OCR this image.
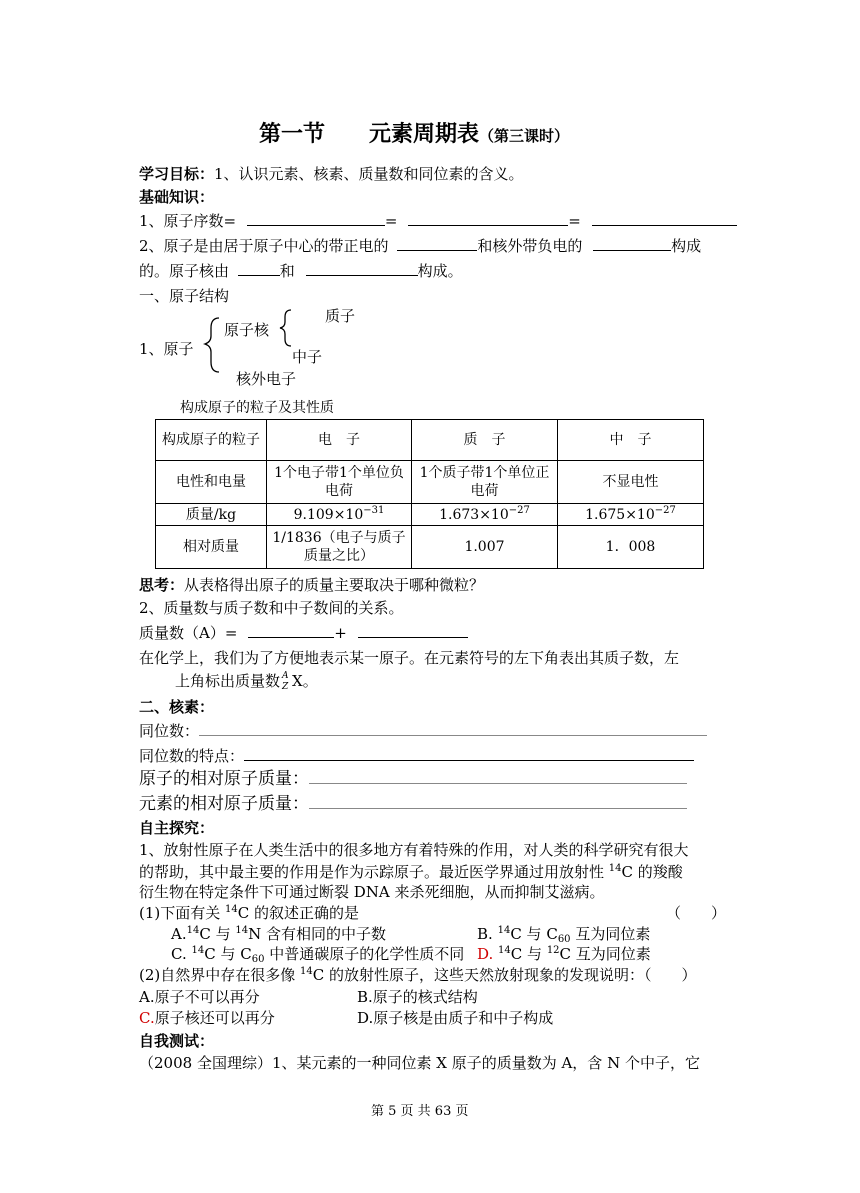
第一节　　元素周期表（第三课时）
学习目标：1、认识元素、核素、质量数和同位素的含义。
基础知识：
1、原子序数=	=	=
2、原子是由居于原子中心的带正电的	和核外带负电的	构成
的。原子核由	和	构成。
一、原子结构
质子
原子核
1、原子	中子
核外电子
构成原子的粒子及其性质
构成原子的粒子	电　子	质　子	中　子
电性和电量	1个电子带1个单位负电荷	1个质子带1个单位正电荷	不显电性
质量/kg	$9.109\times 10^{-31}$	$1.673\times 10^{-27}$	$1.675\times 10^{-27}$
相对质量	1/1836（电子与质子质量之比）	1.007	1．008
思考：从表格得出原子的质量主要取决于哪种微粒？
2、质量数与质子数和中子数间的关系。
质量数（A）=	+
在化学上，我们为了方便地表示某一原子。在元素符号的左下角表出其质子数，左
上角标出质量数 A
Z X。
二、核素：
同位数：
同位数的特点：
原子的相对原子质量：
元素的相对原子质量：
自主探究：
1、放射性原子在人类生活中的很多地方有着特殊的作用，对人类的科学研究有很大
的帮助，其中最主要的作用是作为示踪原子。最近医学界通过用放射性 $^{14}$C 的羧酸
衍生物在特定条件下可通过断裂 DNA 来杀死细胞，从而抑制艾滋病。
(1)下面有关 $^{14}$C 的叙述正确的是	（　　）
A.$^{14}$C 与 $^{14}$N 含有相同的中子数	B. $^{14}$C 与 $C_{60}$ 互为同位素
C. $^{14}$C 与 $C_{60}$ 中普通碳原子的化学性质不同 D. $^{14}$C 与 $^{12}$C 互为同位素
(2)自然界中存在很多像 $^{14}$C 的放射性原子，这些天然放射现象的发现说明：（　　）
A.原子不可以再分	B.原子的核式结构
C.原子核还可以再分	D.原子核是由质子和中子构成
自我测试：
（2008 全国理综）1、某元素的一种同位素 X 原子的质量数为 A，含 N 个中子，它
第 5 页 共 63 页
